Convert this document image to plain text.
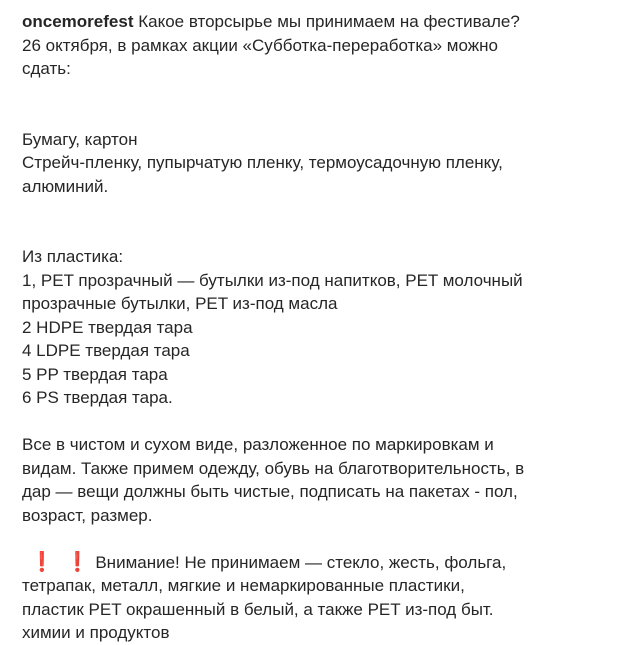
oncemorefest Какое вторсырье мы принимаем на фестивале?
26 октября, в рамках акции «Субботка-переработка» можно
сдать:
Бумагу, картон
Стрейч-пленку, пупырчатую пленку, термоусадочную пленку,
алюминий.
Из пластика:
1, PET прозрачный — бутылки из-под напитков, PET молочный
прозрачные бутылки, PET из-под масла
2 HDPE твердая тара
4 LDPE твердая тара
5 PP твердая тара
6 PS твердая тара.
Все в чистом и сухом виде, разложенное по маркировкам и
видам. Также примем одежду, обувь на благотворительность, в
дар — вещи должны быть чистые, подписать на пакетах - пол,
возраст, размер.
❗ ❗ Внимание! Не принимаем — стекло, жесть, фольга,
тетрапак, металл, мягкие и немаркированные пластики,
пластик PET окрашенный в белый, а также PET из-под быт.
химии и продуктов
